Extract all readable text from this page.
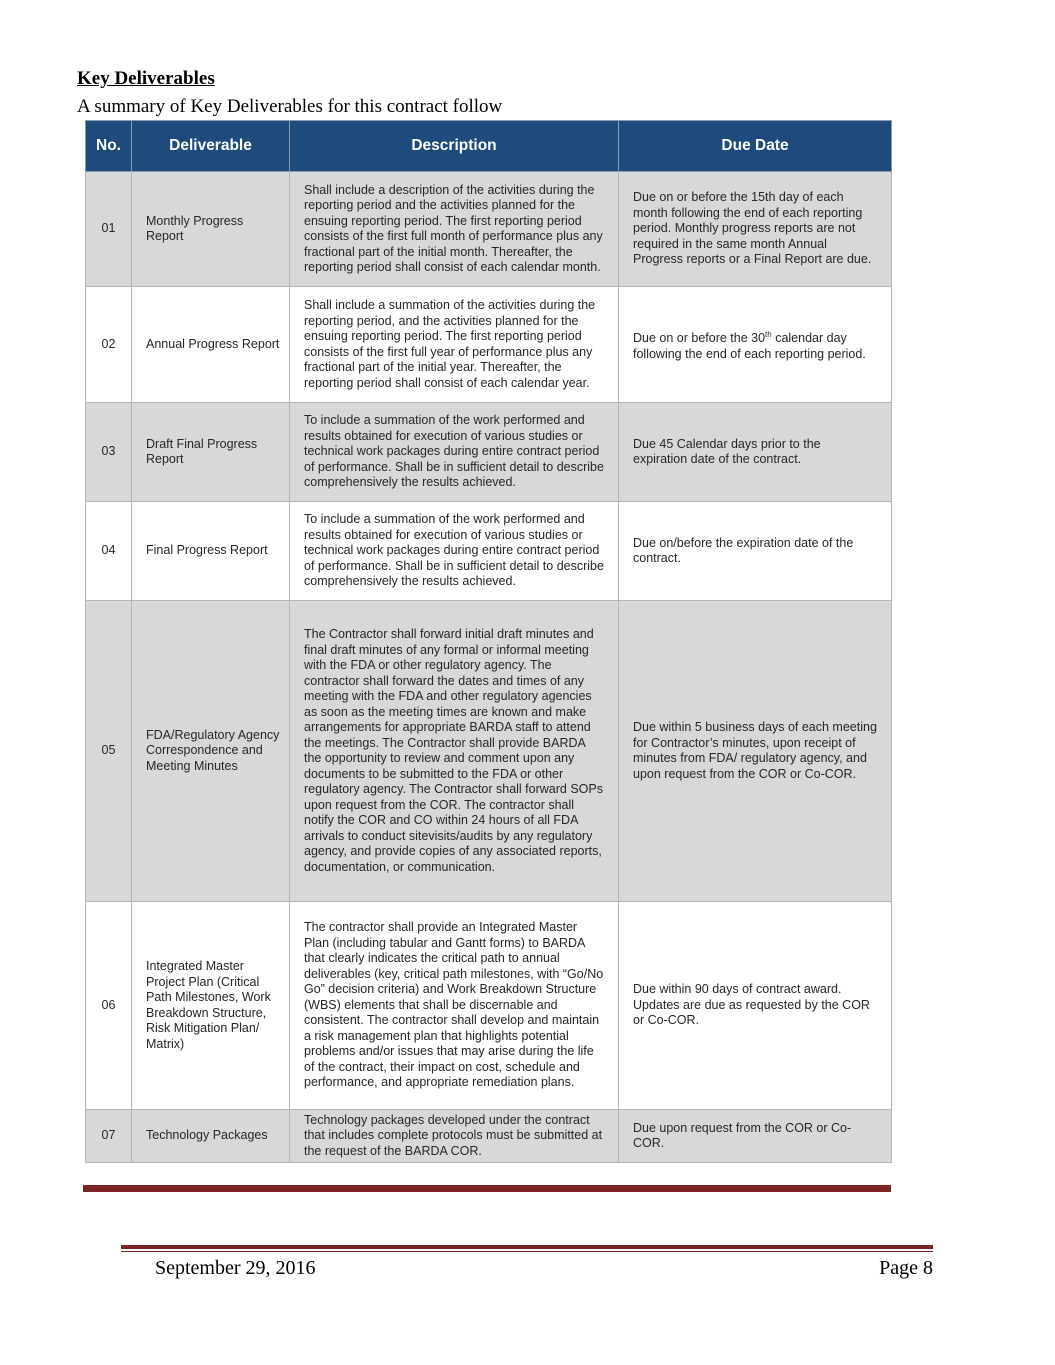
Key Deliverables
A summary of Key Deliverables for this contract follow
No.	Deliverable	Description	Due Date
01	Monthly Progress Report	Shall include a description of the activities during the reporting period and the activities planned for the ensuing reporting period. The first reporting period consists of the first full month of performance plus any fractional part of the initial month. Thereafter, the reporting period shall consist of each calendar month.	Due on or before the 15th day of each month following the end of each reporting period. Monthly progress reports are not required in the same month Annual Progress reports or a Final Report are due.
02	Annual Progress Report	Shall include a summation of the activities during the reporting period, and the activities planned for the ensuing reporting period. The first reporting period consists of the first full year of performance plus any fractional part of the initial year. Thereafter, the reporting period shall consist of each calendar year.	Due on or before the 30th calendar day following the end of each reporting period.
03	Draft Final Progress Report	To include a summation of the work performed and results obtained for execution of various studies or technical work packages during entire contract period of performance. Shall be in sufficient detail to describe comprehensively the results achieved.	Due 45 Calendar days prior to the expiration date of the contract.
04	Final Progress Report	To include a summation of the work performed and results obtained for execution of various studies or technical work packages during entire contract period of performance. Shall be in sufficient detail to describe comprehensively the results achieved.	Due on/before the expiration date of the contract.
05	FDA/Regulatory Agency Correspondence and Meeting Minutes	The Contractor shall forward initial draft minutes and final draft minutes of any formal or informal meeting with the FDA or other regulatory agency. The contractor shall forward the dates and times of any meeting with the FDA and other regulatory agencies as soon as the meeting times are known and make arrangements for appropriate BARDA staff to attend the meetings. The Contractor shall provide BARDA the opportunity to review and comment upon any documents to be submitted to the FDA or other regulatory agency. The Contractor shall forward SOPs upon request from the COR. The contractor shall notify the COR and CO within 24 hours of all FDA arrivals to conduct sitevisits/audits by any regulatory agency, and provide copies of any associated reports, documentation, or communication.	Due within 5 business days of each meeting for Contractor’s minutes, upon receipt of minutes from FDA/ regulatory agency, and upon request from the COR or Co-COR.
06	Integrated Master Project Plan (Critical Path Milestones, Work Breakdown Structure, Risk Mitigation Plan/ Matrix)	The contractor shall provide an Integrated Master Plan (including tabular and Gantt forms) to BARDA that clearly indicates the critical path to annual deliverables (key, critical path milestones, with “Go/No Go” decision criteria) and Work Breakdown Structure (WBS) elements that shall be discernable and consistent. The contractor shall develop and maintain a risk management plan that highlights potential problems and/or issues that may arise during the life of the contract, their impact on cost, schedule and performance, and appropriate remediation plans.	Due within 90 days of contract award. Updates are due as requested by the COR or Co-COR.
07	Technology Packages	Technology packages developed under the contract that includes complete protocols must be submitted at the request of the BARDA COR.	Due upon request from the COR or Co-COR.
September 29, 2016	Page 8
